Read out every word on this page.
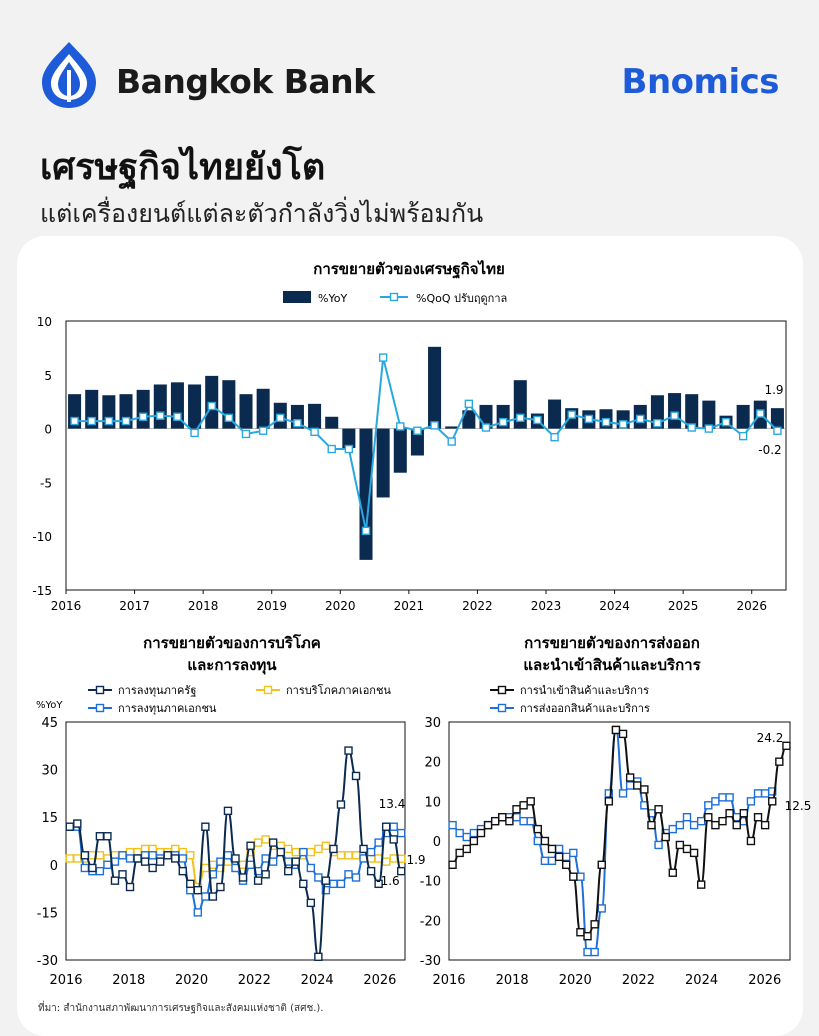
Bangkok Bank	Bnomics
เศรษฐกิจไทยยังโต
แต่เครื่องยนต์แต่ละตัวกำลังวิ่งไม่พร้อมกัน
การขยายตัวของเศรษฐกิจไทย
%YoY	%QoQ ปรับฤดูกาล
10
5
0
-5
-10
-15
2016	2017	2018	2019	2020	2021	2022	2023	2024	2025	2026
1.9
-0.2
การขยายตัวของการบริโภค
และการลงทุน
การลงทุนภาครัฐ	การบริโภคภาคเอกชน
การลงทุนภาคเอกชน
%YoY
45
30
15
0
-15
-30
2016 2018 2020 2022 2024 2026
13.4
1.9
-1.6
การขยายตัวของการส่งออก
และนำเข้าสินค้าและบริการ
การนำเข้าสินค้าและบริการ
การส่งออกสินค้าและบริการ
30
20
10
0
-10
-20
-30
2016 2018 2020 2022 2024 2026
24.2
12.5
ที่มา: สำนักงานสภาพัฒนาการเศรษฐกิจและสังคมแห่งชาติ (สศช.).
